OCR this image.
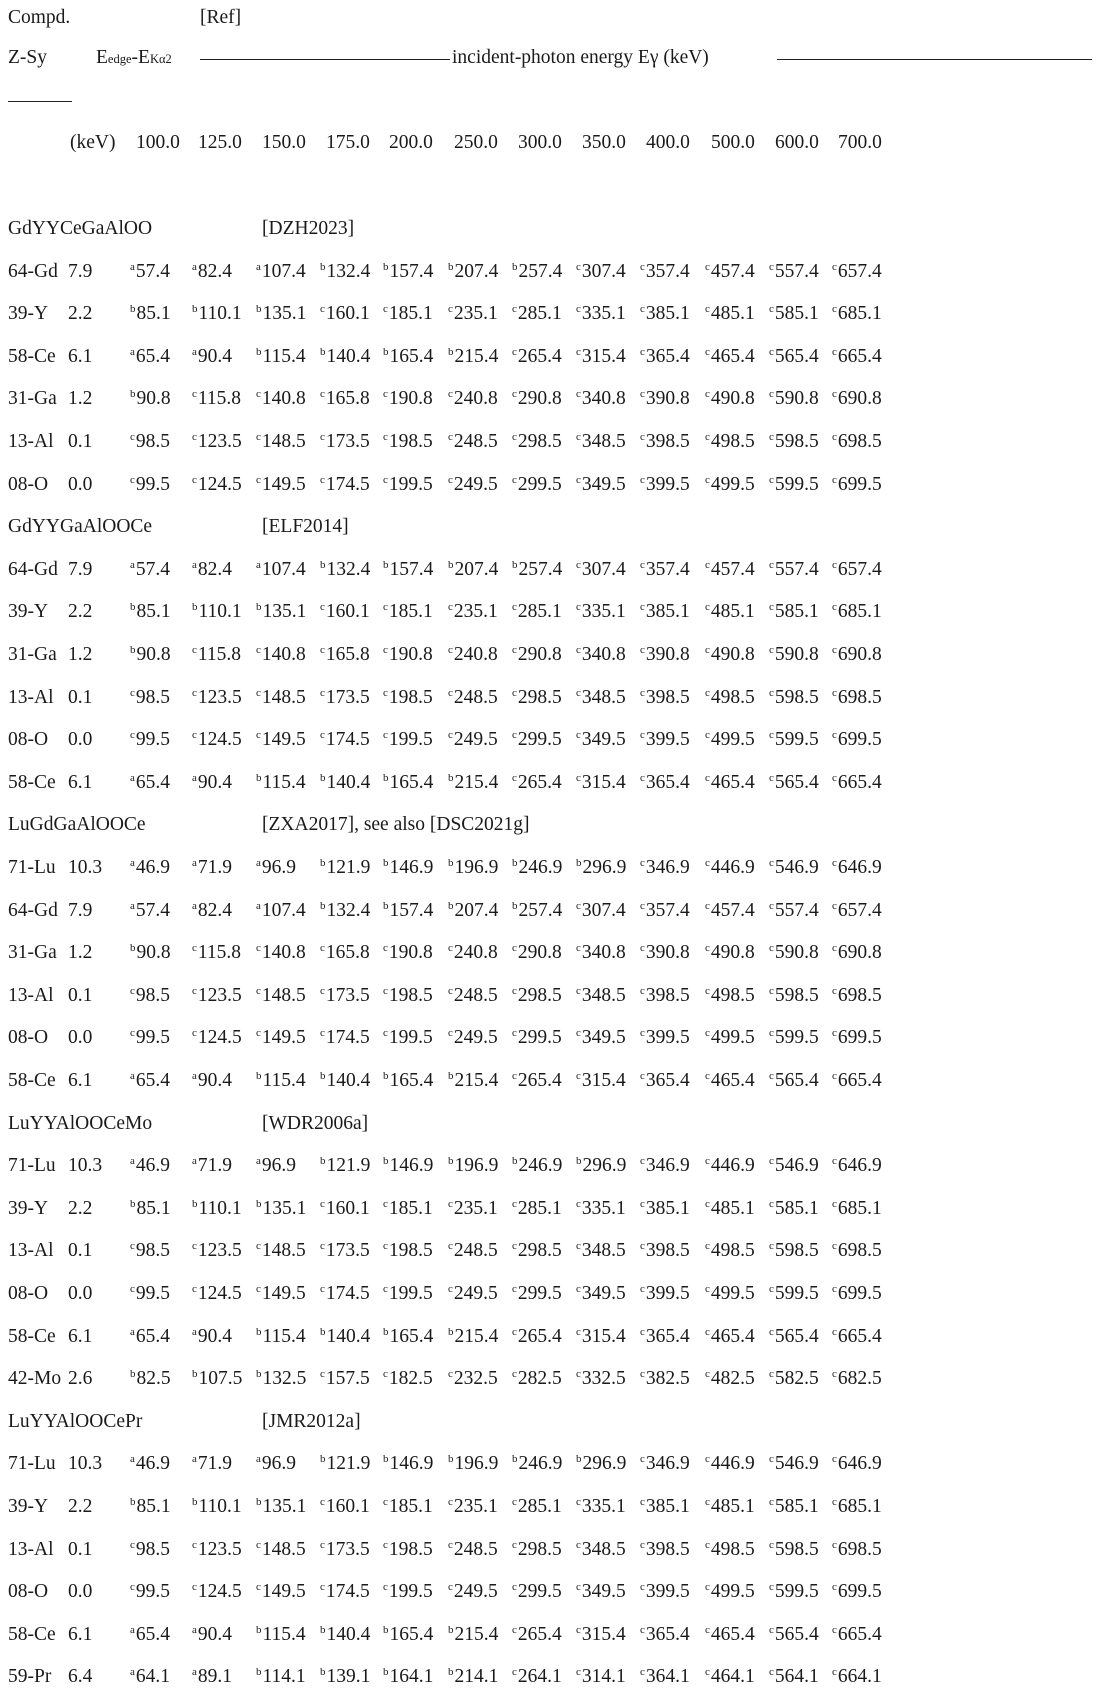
Compd.	[Ref]
Z-Sy	Eedge-EKα2	incident-photon energy Eγ (keV)
(keV) 100.0 125.0 150.0 175.0 200.0 250.0 300.0 350.0 400.0 500.0 600.0 700.0
GdYYCeGaAlOO	[DZH2023]
64-Gd 7.9	$^a$57.4 $^a$82.4 $^a$107.4 $^b$132.4 $^b$157.4 $^b$207.4 $^b$257.4 $^c$307.4 $^c$357.4 $^c$457.4 $^c$557.4 $^c$657.4
39-Y 2.2	$^b$85.1 $^b$110.1 $^b$135.1 $^c$160.1 $^c$185.1 $^c$235.1 $^c$285.1 $^c$335.1 $^c$385.1 $^c$485.1 $^c$585.1 $^c$685.1
58-Ce 6.1	$^a$65.4 $^a$90.4 $^b$115.4 $^b$140.4 $^b$165.4 $^b$215.4 $^c$265.4 $^c$315.4 $^c$365.4 $^c$465.4 $^c$565.4 $^c$665.4
31-Ga 1.2	$^b$90.8 $^c$115.8 $^c$140.8 $^c$165.8 $^c$190.8 $^c$240.8 $^c$290.8 $^c$340.8 $^c$390.8 $^c$490.8 $^c$590.8 $^c$690.8
13-Al 0.1	$^c$98.5 $^c$123.5 $^c$148.5 $^c$173.5 $^c$198.5 $^c$248.5 $^c$298.5 $^c$348.5 $^c$398.5 $^c$498.5 $^c$598.5 $^c$698.5
08-O 0.0	$^c$99.5 $^c$124.5 $^c$149.5 $^c$174.5 $^c$199.5 $^c$249.5 $^c$299.5 $^c$349.5 $^c$399.5 $^c$499.5 $^c$599.5 $^c$699.5
GdYYGaAlOOCe	[ELF2014]
64-Gd 7.9	$^a$57.4 $^a$82.4 $^a$107.4 $^b$132.4 $^b$157.4 $^b$207.4 $^b$257.4 $^c$307.4 $^c$357.4 $^c$457.4 $^c$557.4 $^c$657.4
39-Y 2.2	$^b$85.1 $^b$110.1 $^b$135.1 $^c$160.1 $^c$185.1 $^c$235.1 $^c$285.1 $^c$335.1 $^c$385.1 $^c$485.1 $^c$585.1 $^c$685.1
31-Ga 1.2	$^b$90.8 $^c$115.8 $^c$140.8 $^c$165.8 $^c$190.8 $^c$240.8 $^c$290.8 $^c$340.8 $^c$390.8 $^c$490.8 $^c$590.8 $^c$690.8
13-Al 0.1	$^c$98.5 $^c$123.5 $^c$148.5 $^c$173.5 $^c$198.5 $^c$248.5 $^c$298.5 $^c$348.5 $^c$398.5 $^c$498.5 $^c$598.5 $^c$698.5
08-O 0.0	$^c$99.5 $^c$124.5 $^c$149.5 $^c$174.5 $^c$199.5 $^c$249.5 $^c$299.5 $^c$349.5 $^c$399.5 $^c$499.5 $^c$599.5 $^c$699.5
58-Ce 6.1	$^a$65.4 $^a$90.4 $^b$115.4 $^b$140.4 $^b$165.4 $^b$215.4 $^c$265.4 $^c$315.4 $^c$365.4 $^c$465.4 $^c$565.4 $^c$665.4
LuGdGaAlOOCe	[ZXA2017], see also [DSC2021g]
71-Lu 10.3	$^a$46.9 $^a$71.9 $^a$96.9 $^b$121.9 $^b$146.9 $^b$196.9 $^b$246.9 $^b$296.9 $^c$346.9 $^c$446.9 $^c$546.9 $^c$646.9
64-Gd 7.9	$^a$57.4 $^a$82.4 $^a$107.4 $^b$132.4 $^b$157.4 $^b$207.4 $^b$257.4 $^c$307.4 $^c$357.4 $^c$457.4 $^c$557.4 $^c$657.4
31-Ga 1.2	$^b$90.8 $^c$115.8 $^c$140.8 $^c$165.8 $^c$190.8 $^c$240.8 $^c$290.8 $^c$340.8 $^c$390.8 $^c$490.8 $^c$590.8 $^c$690.8
13-Al 0.1	$^c$98.5 $^c$123.5 $^c$148.5 $^c$173.5 $^c$198.5 $^c$248.5 $^c$298.5 $^c$348.5 $^c$398.5 $^c$498.5 $^c$598.5 $^c$698.5
08-O 0.0	$^c$99.5 $^c$124.5 $^c$149.5 $^c$174.5 $^c$199.5 $^c$249.5 $^c$299.5 $^c$349.5 $^c$399.5 $^c$499.5 $^c$599.5 $^c$699.5
58-Ce 6.1	$^a$65.4 $^a$90.4 $^b$115.4 $^b$140.4 $^b$165.4 $^b$215.4 $^c$265.4 $^c$315.4 $^c$365.4 $^c$465.4 $^c$565.4 $^c$665.4
LuYYAlOOCeMo	[WDR2006a]
71-Lu 10.3	$^a$46.9 $^a$71.9 $^a$96.9 $^b$121.9 $^b$146.9 $^b$196.9 $^b$246.9 $^b$296.9 $^c$346.9 $^c$446.9 $^c$546.9 $^c$646.9
39-Y 2.2	$^b$85.1 $^b$110.1 $^b$135.1 $^c$160.1 $^c$185.1 $^c$235.1 $^c$285.1 $^c$335.1 $^c$385.1 $^c$485.1 $^c$585.1 $^c$685.1
13-Al 0.1	$^c$98.5 $^c$123.5 $^c$148.5 $^c$173.5 $^c$198.5 $^c$248.5 $^c$298.5 $^c$348.5 $^c$398.5 $^c$498.5 $^c$598.5 $^c$698.5
08-O 0.0	$^c$99.5 $^c$124.5 $^c$149.5 $^c$174.5 $^c$199.5 $^c$249.5 $^c$299.5 $^c$349.5 $^c$399.5 $^c$499.5 $^c$599.5 $^c$699.5
58-Ce 6.1	$^a$65.4 $^a$90.4 $^b$115.4 $^b$140.4 $^b$165.4 $^b$215.4 $^c$265.4 $^c$315.4 $^c$365.4 $^c$465.4 $^c$565.4 $^c$665.4
42-Mo 2.6	$^b$82.5 $^b$107.5 $^b$132.5 $^c$157.5 $^c$182.5 $^c$232.5 $^c$282.5 $^c$332.5 $^c$382.5 $^c$482.5 $^c$582.5 $^c$682.5
LuYYAlOOCePr	[JMR2012a]
71-Lu 10.3	$^a$46.9 $^a$71.9 $^a$96.9 $^b$121.9 $^b$146.9 $^b$196.9 $^b$246.9 $^b$296.9 $^c$346.9 $^c$446.9 $^c$546.9 $^c$646.9
39-Y 2.2	$^b$85.1 $^b$110.1 $^b$135.1 $^c$160.1 $^c$185.1 $^c$235.1 $^c$285.1 $^c$335.1 $^c$385.1 $^c$485.1 $^c$585.1 $^c$685.1
13-Al 0.1	$^c$98.5 $^c$123.5 $^c$148.5 $^c$173.5 $^c$198.5 $^c$248.5 $^c$298.5 $^c$348.5 $^c$398.5 $^c$498.5 $^c$598.5 $^c$698.5
08-O 0.0	$^c$99.5 $^c$124.5 $^c$149.5 $^c$174.5 $^c$199.5 $^c$249.5 $^c$299.5 $^c$349.5 $^c$399.5 $^c$499.5 $^c$599.5 $^c$699.5
58-Ce 6.1	$^a$65.4 $^a$90.4 $^b$115.4 $^b$140.4 $^b$165.4 $^b$215.4 $^c$265.4 $^c$315.4 $^c$365.4 $^c$465.4 $^c$565.4 $^c$665.4
59-Pr 6.4	$^a$64.1 $^a$89.1 $^b$114.1 $^b$139.1 $^b$164.1 $^b$214.1 $^c$264.1 $^c$314.1 $^c$364.1 $^c$464.1 $^c$564.1 $^c$664.1
